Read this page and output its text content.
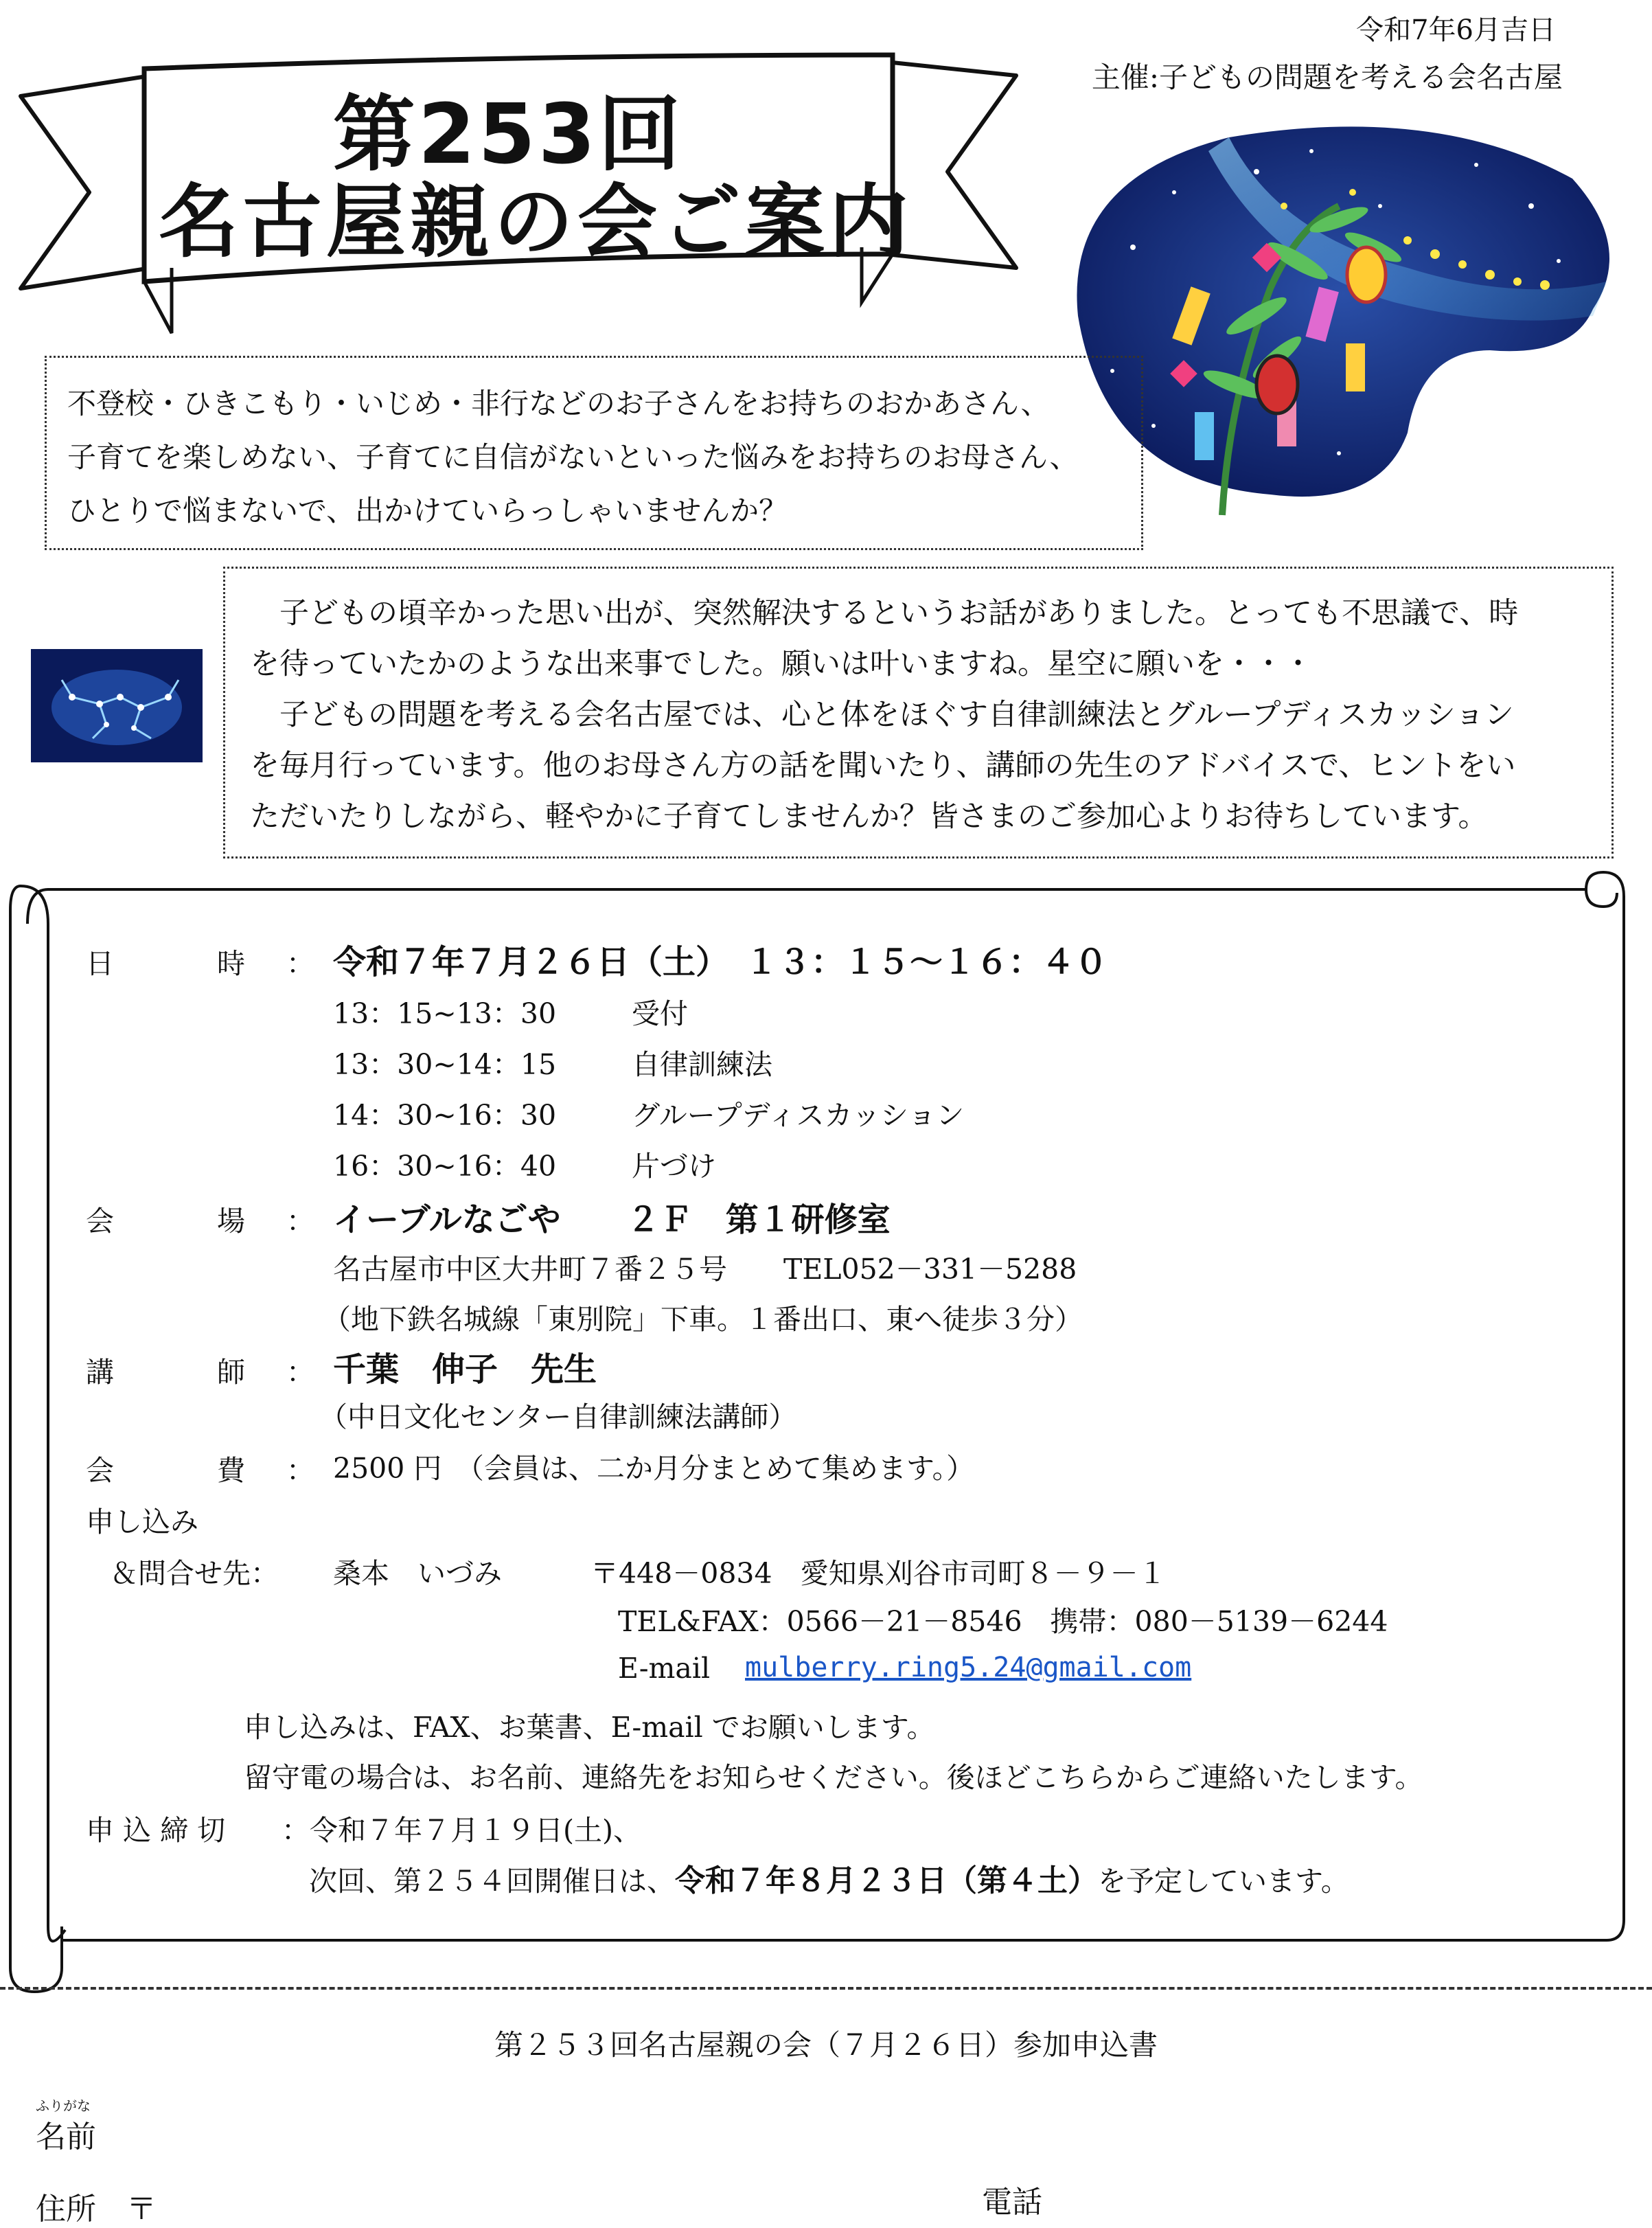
令和7年6月吉日
主催:子どもの問題を考える会名古屋
第253回
名古屋親の会ご案内
不登校・ひきこもり・いじめ・非行などのお子さんをお持ちのおかあさん、
子育てを楽しめない、子育てに自信がないといった悩みをお持ちのお母さん、
ひとりで悩まないで、出かけていらっしゃいませんか？
　子どもの頃辛かった思い出が、突然解決するというお話がありました。とっても不思議で、時
を待っていたかのような出来事でした。願いは叶いますね。星空に願いを・・・
　子どもの問題を考える会名古屋では、心と体をほぐす自律訓練法とグループディスカッション
を毎月行っています。他のお母さん方の話を聞いたり、講師の先生のアドバイスで、ヒントをい
ただいたりしながら、軽やかに子育てしませんか？皆さまのご参加心よりお待ちしています。
日	時 ： 令和７年７月２６日（土）　１３：１５～１６：４０
13：15~13：30	受付
13：30~14：15	自律訓練法
14：30~16：30	グループディスカッション
16：30~16：40	片づけ
会	場 ： イーブルなごや　　２Ｆ　第１研修室
名古屋市中区大井町７番２５号　　TEL052－331－5288
（地下鉄名城線「東別院」下車。１番出口、東へ徒歩３分）
講	師 ： 千葉　伸子　先生
（中日文化センター自律訓練法講師）
会	費 ： 2500 円　（会員は、二か月分まとめて集めます。）
申し込み
＆問合せ先： 桑本　いづみ	〒448－0834　愛知県刈谷市司町８－９－１
TEL&FAX：0566－21－8546　携帯：080－5139－6244
E-mail mulberry.ring5.24@gmail.com
申し込みは、FAX、お葉書、E-mail でお願いします。
留守電の場合は、お名前、連絡先をお知らせください。後ほどこちらからご連絡いたします。
申 込 締 切 ：令和７年７月１９日(土)、
次回、第２５４回開催日は、令和７年８月２３日（第４土）を予定しています。
第２５３回名古屋親の会（７月２６日）参加申込書
ふりがな
名前
住所　〒	電話
